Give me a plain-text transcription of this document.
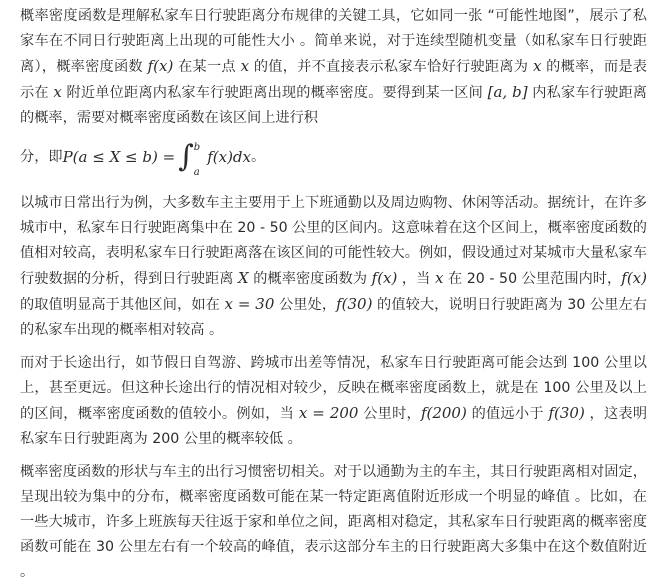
概率密度函数是理解私家车日行驶距离分布规律的关键工具，它如同一张 “可能性地图”，展示了私家车在不同日行驶距离上出现的可能性大小 。简单来说，对于连续型随机变量（如私家车日行驶距离），概率密度函数 f(x) 在某一点 x 的值，并不直接表示私家车恰好行驶距离为 x 的概率，而是表示在 x 附近单位距离内私家车行驶距离出现的概率密度。要得到某一区间 [a, b] 内私家车行驶距离的概率，需要对概率密度函数在该区间上进行积
分，即 P(a ≤ X ≤ b) = ∫ b
a
f(x)dx 。

以城市日常出行为例，大多数车主主要用于上下班通勤以及周边购物、休闲等活动。据统计，在许多城市中，私家车日行驶距离集中在 20 - 50 公里的区间内。这意味着在这个区间上，概率密度函数的值相对较高，表明私家车日行驶距离落在该区间的可能性较大。例如，假设通过对某城市大量私家车行驶数据的分析，得到日行驶距离 X 的概率密度函数为 f(x) ，当 x 在 20 - 50 公里范围内时，f(x) 的取值明显高于其他区间，如在 x = 30 公里处，f(30) 的值较大，说明日行驶距离为 30 公里左右的私家车出现的概率相对较高 。

而对于长途出行，如节假日自驾游、跨城市出差等情况，私家车日行驶距离可能会达到 100 公里以上，甚至更远。但这种长途出行的情况相对较少，反映在概率密度函数上，就是在 100 公里及以上的区间，概率密度函数的值较小。例如，当 x = 200 公里时，f(200) 的值远小于 f(30) ，这表明私家车日行驶距离为 200 公里的概率较低 。

概率密度函数的形状与车主的出行习惯密切相关。对于以通勤为主的车主，其日行驶距离相对固定，呈现出较为集中的分布，概率密度函数可能在某一特定距离值附近形成一个明显的峰值 。比如，在一些大城市，许多上班族每天往返于家和单位之间，距离相对稳定，其私家车日行驶距离的概率密度函数可能在 30 公里左右有一个较高的峰值，表示这部分车主的日行驶距离大多集中在这个数值附近 。
